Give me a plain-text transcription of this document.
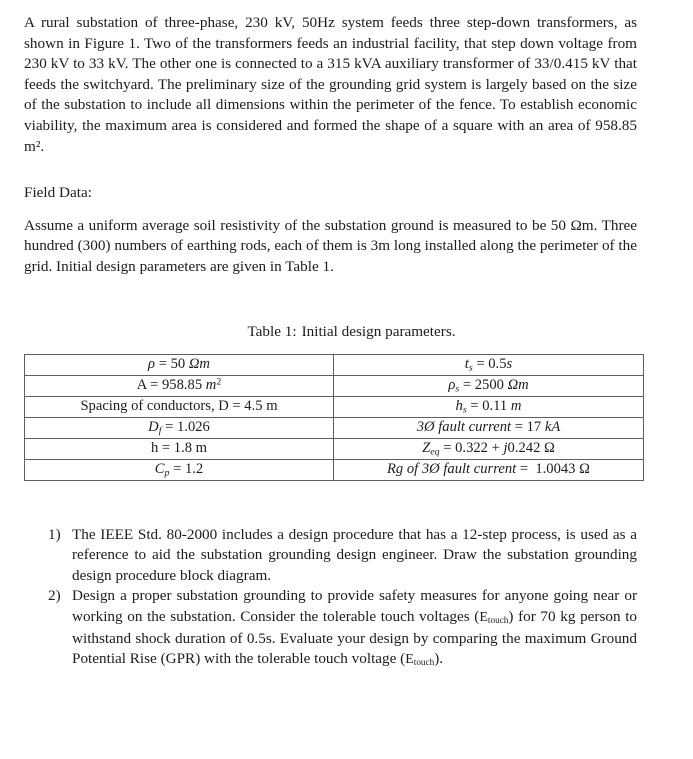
A rural substation of three-phase, 230 kV, 50Hz system feeds three step-down transformers, as shown in Figure 1. Two of the transformers feeds an industrial facility, that step down voltage from 230 kV to 33 kV. The other one is connected to a 315 kVA auxiliary transformer of 33/0.415 kV that feeds the switchyard. The preliminary size of the grounding grid system is largely based on the size of the substation to include all dimensions within the perimeter of the fence. To establish economic viability, the maximum area is considered and formed the shape of a square with an area of 958.85 m².

Field Data:

Assume a uniform average soil resistivity of the substation ground is measured to be 50 Ωm. Three hundred (300) numbers of earthing rods, each of them is 3m long installed along the perimeter of the grid. Initial design parameters are given in Table 1.

Table 1: Initial design parameters.

ρ = 50 Ωm	$t_s = 0.5s$
A = 958.85 $m^2$	$\rho_s = 2500$ Ωm
Spacing of conductors, D = 4.5 m	$h_s = 0.11$ m
$D_f = 1.026$	3Ø fault current = 17 kA
h = 1.8 m	$Z_{eq} = 0.322 + j0.242$ Ω
$C_p = 1.2$	Rg of 3Ø fault current =  1.0043 Ω
The IEEE Std. 80-2000 includes a design procedure that has a 12-step process, is used as a reference to aid the substation grounding design engineer. Draw the substation grounding design procedure block diagram.
Design a proper substation grounding to provide safety measures for anyone going near or working on the substation. Consider the tolerable touch voltages $(E_{touch})$ for 70 kg person to withstand shock duration of 0.5s. Evaluate your design by comparing the maximum Ground Potential Rise (GPR) with the tolerable touch voltage $(E_{touch})$.
